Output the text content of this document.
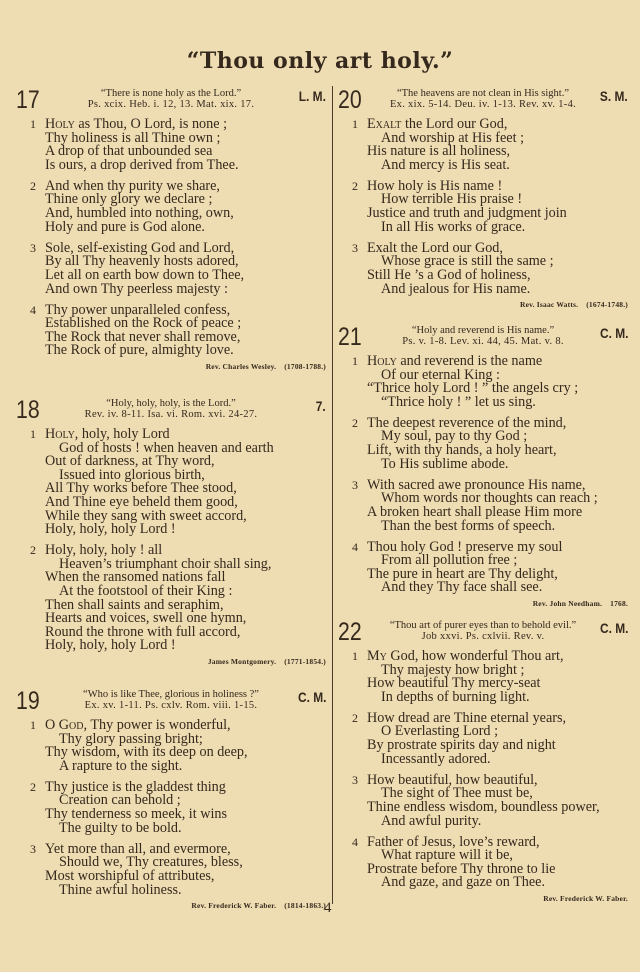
“Thou only art holy.”
17	“There is none holy as the Lord.”
Ps. xcix. Heb. i. 12, 13. Mat. xix. 17.
L. M.
1 Holy as Thou, O Lord, is none ;
Thy holiness is all Thine own ;
A drop of that unbounded sea
Is ours, a drop derived from Thee.
2 And when thy purity we share,
Thine only glory we declare ;
And, humbled into nothing, own,
Holy and pure is God alone.
3 Sole, self-existing God and Lord,
By all Thy heavenly hosts adored,
Let all on earth bow down to Thee,
And own Thy peerless majesty :
4 Thy power unparalleled confess,
Established on the Rock of peace ;
The Rock that never shall remove,
The Rock of pure, almighty love.
Rev. Charles Wesley. (1708-1788.)
18	“Holy, holy, holy, is the Lord.”
Rev. iv. 8-11. Isa. vi. Rom. xvi. 24-27.
7.
1 Holy, holy, holy Lord
God of hosts ! when heaven and earth
Out of darkness, at Thy word,
Issued into glorious birth,
All Thy works before Thee stood,
And Thine eye beheld them good,
While they sang with sweet accord,
Holy, holy, holy Lord !
2 Holy, holy, holy ! all
Heaven’s triumphant choir shall sing,
When the ransomed nations fall
At the footstool of their King :
Then shall saints and seraphim,
Hearts and voices, swell one hymn,
Round the throne with full accord,
Holy, holy, holy Lord !
James Montgomery. (1771-1854.)
19	“Who is like Thee, glorious in holiness ?”
Ex. xv. 1-11. Ps. cxlv. Rom. viii. 1-15.
C. M.
1 O God, Thy power is wonderful,
Thy glory passing bright;
Thy wisdom, with its deep on deep,
A rapture to the sight.
2 Thy justice is the gladdest thing
Creation can behold ;
Thy tenderness so meek, it wins
The guilty to be bold.
3 Yet more than all, and evermore,
Should we, Thy creatures, bless,
Most worshipful of attributes,
Thine awful holiness.
Rev. Frederick W. Faber. (1814-1863.)
20	“The heavens are not clean in His sight.”
Ex. xix. 5-14. Deu. iv. 1-13. Rev. xv. 1-4.
S. M.
1 Exalt the Lord our God,
And worship at His feet ;
His nature is all holiness,
And mercy is His seat.
2 How holy is His name !
How terrible His praise !
Justice and truth and judgment join
In all His works of grace.
3 Exalt the Lord our God,
Whose grace is still the same ;
Still He ’s a God of holiness,
And jealous for His name.
Rev. Isaac Watts. (1674-1748.)
21	“Holy and reverend is His name.”
Ps. v. 1-8. Lev. xi. 44, 45. Mat. v. 8.
C. M.
1 Holy and reverend is the name
Of our eternal King :
“Thrice holy Lord ! ” the angels cry ;
“Thrice holy ! ” let us sing.
2 The deepest reverence of the mind,
My soul, pay to thy God ;
Lift, with thy hands, a holy heart,
To His sublime abode.
3 With sacred awe pronounce His name,
Whom words nor thoughts can reach ;
A broken heart shall please Him more
Than the best forms of speech.
4 Thou holy God ! preserve my soul
From all pollution free ;
The pure in heart are Thy delight,
And they Thy face shall see.
Rev. John Needham. 1768.
22	“Thou art of purer eyes than to behold evil.”
Job xxvi. Ps. cxlvii. Rev. v.
C. M.
1 My God, how wonderful Thou art,
Thy majesty how bright ;
How beautiful Thy mercy-seat
In depths of burning light.
2 How dread are Thine eternal years,
O Everlasting Lord ;
By prostrate spirits day and night
Incessantly adored.
3 How beautiful, how beautiful,
The sight of Thee must be,
Thine endless wisdom, boundless power,
And awful purity.
4 Father of Jesus, love’s reward,
What rapture will it be,
Prostrate before Thy throne to lie
And gaze, and gaze on Thee.
Rev. Frederick W. Faber.
4
